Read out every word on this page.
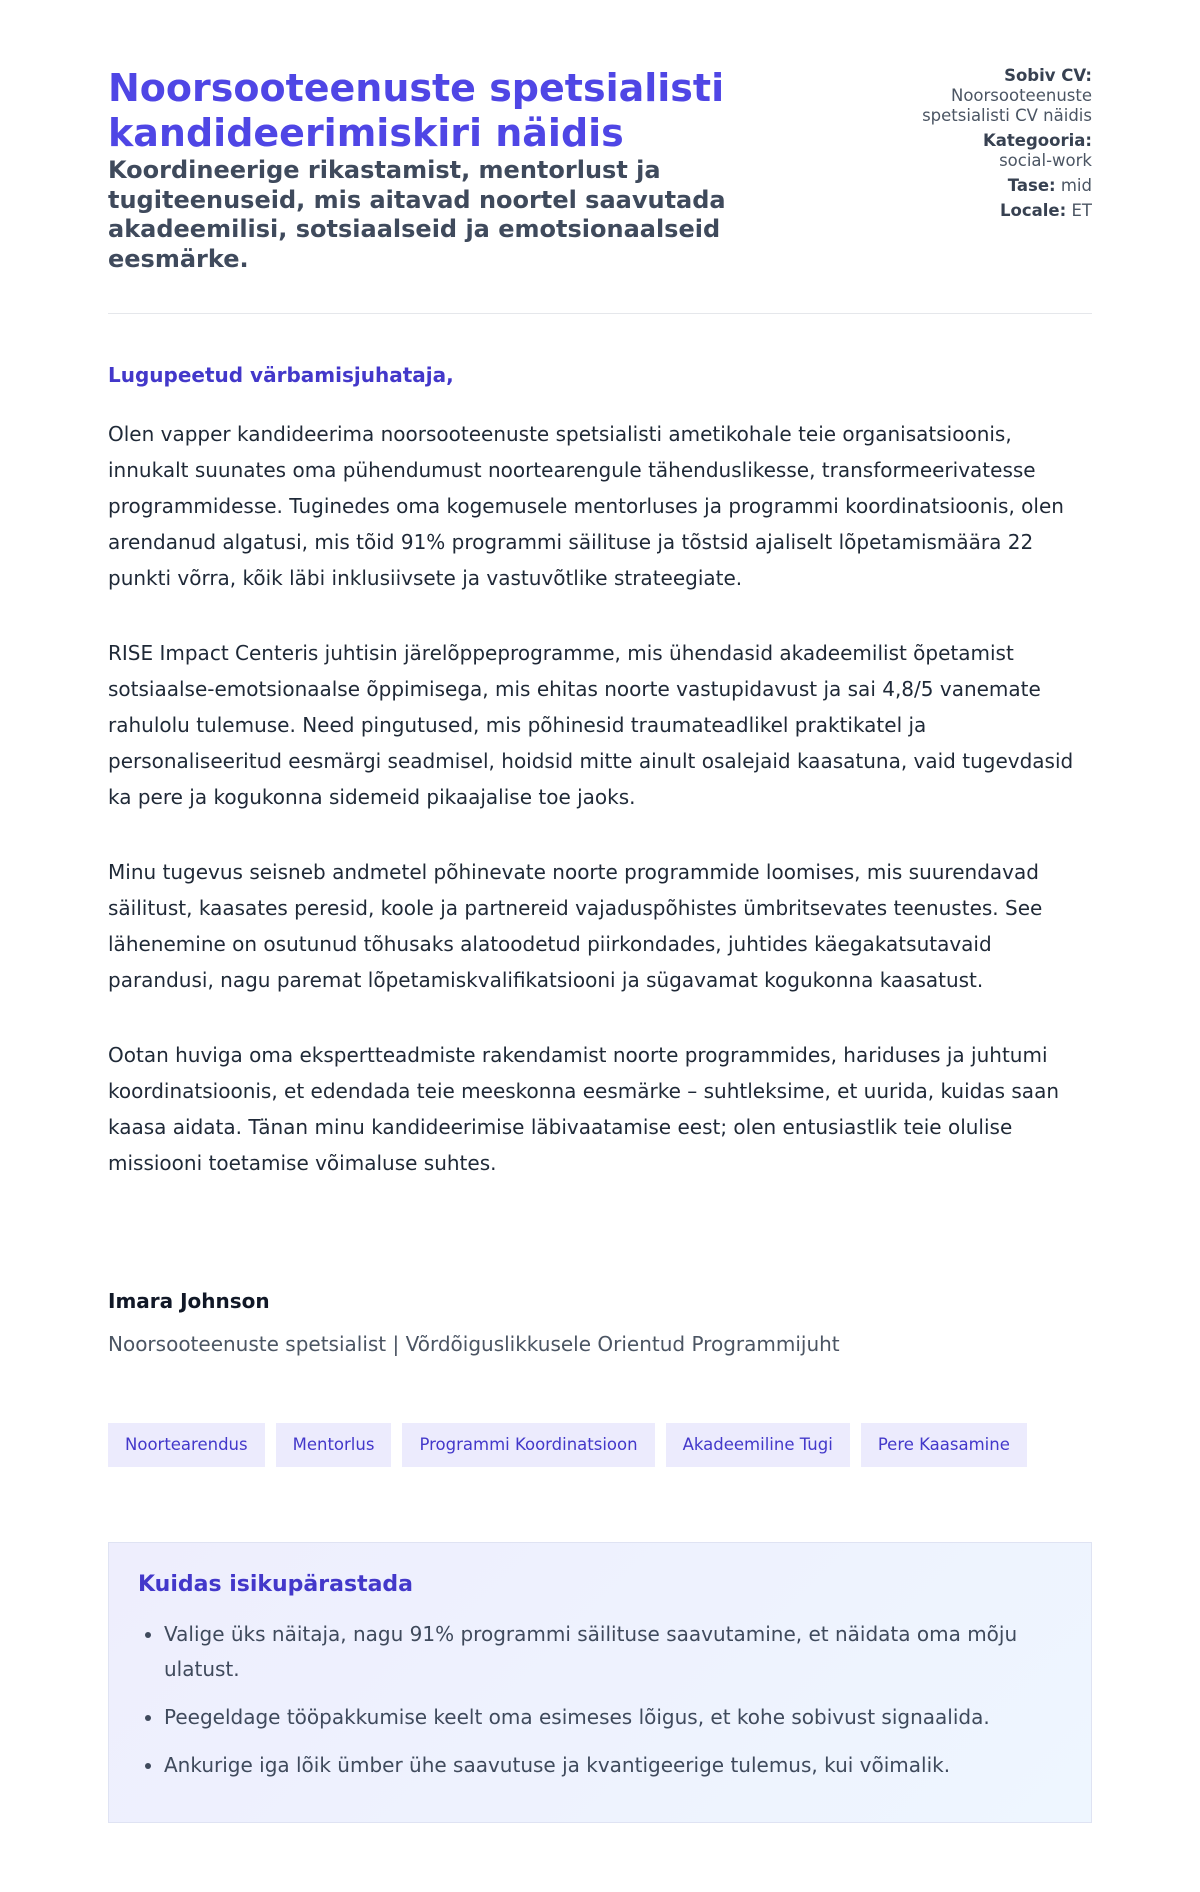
Noorsooteenuste spetsialisti kandideerimiskiri näidis

Koordineerige rikastamist, mentorlust ja tugiteenuseid, mis aitavad noortel saavutada akadeemilisi, sotsiaalseid ja emotsionaalseid eesmärke.

Sobiv CV:
Noorsooteenuste spetsialisti CV näidis
Kategooria:
social-work
Tase: mid
Locale: ET
Lugupeetud värbamisjuhataja,

Olen vapper kandideerima noorsooteenuste spetsialisti ametikohale teie organisatsioonis, innukalt suunates oma pühendumust noortearengule tähenduslikesse, transformeerivatesse programmidesse. Tuginedes oma kogemusele mentorluses ja programmi koordinatsioonis, olen arendanud algatusi, mis tõid 91% programmi säilituse ja tõstsid ajaliselt lõpetamismäära 22 punkti võrra, kõik läbi inklusiivsete ja vastuvõtlike strateegiate.

RISE Impact Centeris juhtisin järelõppeprogramme, mis ühendasid akadeemilist õpetamist sotsiaalse-emotsionaalse õppimisega, mis ehitas noorte vastupidavust ja sai 4,8/5 vanemate rahulolu tulemuse. Need pingutused, mis põhinesid traumateadlikel praktikatel ja personaliseeritud eesmärgi seadmisel, hoidsid mitte ainult osalejaid kaasatuna, vaid tugevdasid ka pere ja kogukonna sidemeid pikaajalise toe jaoks.

Minu tugevus seisneb andmetel põhinevate noorte programmide loomises, mis suurendavad säilitust, kaasates peresid, koole ja partnereid vajaduspõhistes ümbritsevates teenustes. See lähenemine on osutunud tõhusaks alatoodetud piirkondades, juhtides käegakatsutavaid parandusi, nagu paremat lõpetamiskvalifikatsiooni ja sügavamat kogukonna kaasatust.

Ootan huviga oma ekspertteadmiste rakendamist noorte programmides, hariduses ja juhtumi koordinatsioonis, et edendada teie meeskonna eesmärke – suhtleksime, et uurida, kuidas saan kaasa aidata. Tänan minu kandideerimise läbivaatamise eest; olen entusiastlik teie olulise missiooni toetamise võimaluse suhtes.

Imara Johnson
Noorsooteenuste spetsialist | Võrdõiguslikkusele Orientud Programmijuht
Noortearendus	Mentorlus	Programmi Koordinatsioon	Akadeemiline Tugi	Pere Kaasamine
Kuidas isikupärastada
• Valige üks näitaja, nagu 91% programmi säilituse saavutamine, et näidata oma mõju ulatust.
• Peegeldage tööpakkumise keelt oma esimeses lõigus, et kohe sobivust signaalida.
• Ankurige iga lõik ümber ühe saavutuse ja kvantigeerige tulemus, kui võimalik.
